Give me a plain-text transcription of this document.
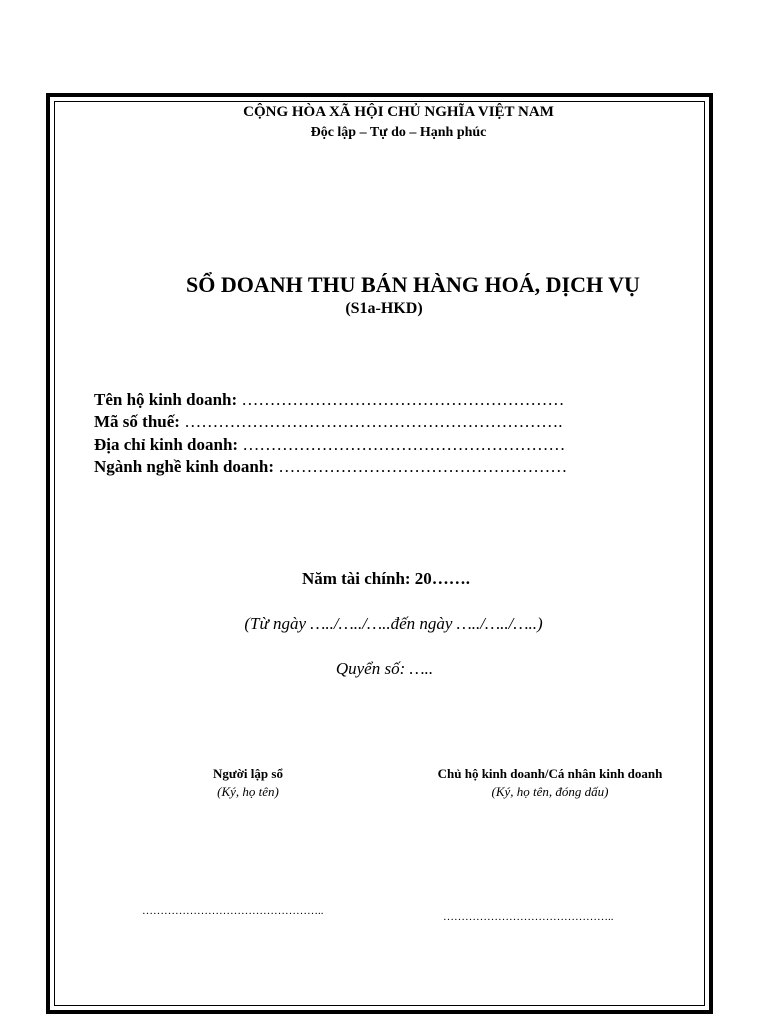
CỘNG HÒA XÃ HỘI CHỦ NGHĨA VIỆT NAM
Độc lập – Tự do – Hạnh phúc
SỔ DOANH THU BÁN HÀNG HOÁ, DỊCH VỤ
(S1a-HKD)
Tên hộ kinh doanh: …………………………………………………
Mã số thuế: ………………………………………………………….
Địa chỉ kinh doanh: …………………………………………………
Ngành nghề kinh doanh: ……………………………………………
Năm tài chính: 20…….
(Từ ngày …../…../…..đến ngày …../…../…..)
Quyển số: …..
Người lập sổ
(Ký, họ tên)
Chủ hộ kinh doanh/Cá nhân kinh doanh
(Ký, họ tên, đóng dấu)
…………………………………………..	………………………………………..
